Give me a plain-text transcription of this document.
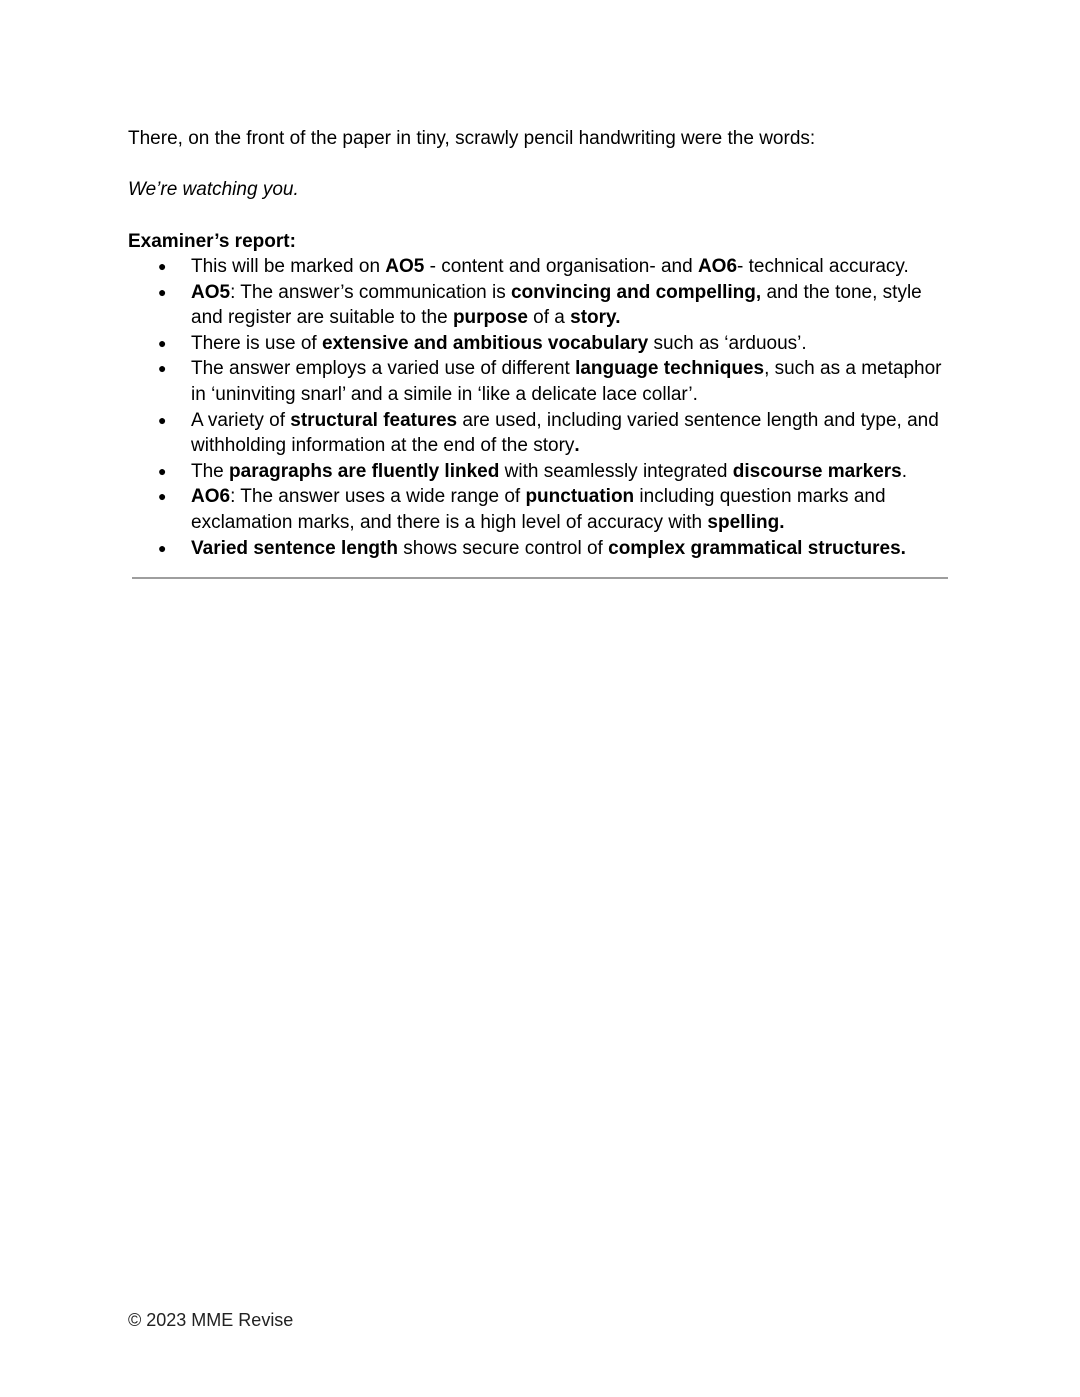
There, on the front of the paper in tiny, scrawly pencil handwriting were the words:

We’re watching you.

Examiner’s report:

● This will be marked on AO5 - content and organisation- and AO6- technical accuracy.
● AO5: The answer’s communication is convincing and compelling, and the tone, style and register are suitable to the purpose of a story.
● There is use of extensive and ambitious vocabulary such as ‘arduous’.
● The answer employs a varied use of different language techniques, such as a metaphor in ‘uninviting snarl’ and a simile in ‘like a delicate lace collar’.
● A variety of structural features are used, including varied sentence length and type, and withholding information at the end of the story.
● The paragraphs are fluently linked with seamlessly integrated discourse markers.
● AO6: The answer uses a wide range of punctuation including question marks and exclamation marks, and there is a high level of accuracy with spelling.
● Varied sentence length shows secure control of complex grammatical structures.

© 2023 MME Revise
